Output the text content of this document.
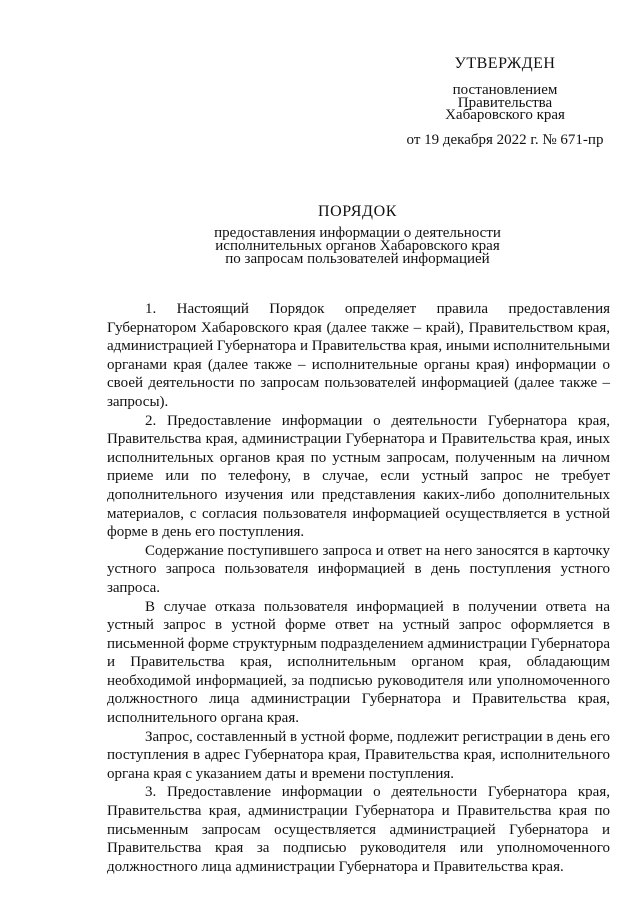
УТВЕРЖДЕН
постановлением
Правительства
Хабаровского края
от 19 декабря 2022 г. № 671-пр
ПОРЯДОК
предоставления информации о деятельности
исполнительных органов Хабаровского края
по запросам пользователей информацией

1. Настоящий Порядок определяет правила предоставления Губернатором Хабаровского края (далее также – край), Правительством края, администрацией Губернатора и Правительства края, иными исполнительными органами края (далее также – исполнительные органы края) информации о своей деятельности по запросам пользователей информацией (далее также – запросы).

2. Предоставление информации о деятельности Губернатора края, Правительства края, администрации Губернатора и Правительства края, иных исполнительных органов края по устным запросам, полученным на личном приеме или по телефону, в случае, если устный запрос не требует дополнительного изучения или представления каких-либо дополнительных материалов, с согласия пользователя информацией осуществляется в устной форме в день его поступления.

Содержание поступившего запроса и ответ на него заносятся в карточку устного запроса пользователя информацией в день поступления устного запроса.

В случае отказа пользователя информацией в получении ответа на устный запрос в устной форме ответ на устный запрос оформляется в письменной форме структурным подразделением администрации Губернатора и Правительства края, исполнительным органом края, обладающим необходимой информацией, за подписью руководителя или уполномоченного должностного лица администрации Губернатора и Правительства края, исполнительного органа края.

Запрос, составленный в устной форме, подлежит регистрации в день его поступления в адрес Губернатора края, Правительства края, исполнительного органа края с указанием даты и времени поступления.

3. Предоставление информации о деятельности Губернатора края, Правительства края, администрации Губернатора и Правительства края по письменным запросам осуществляется администрацией Губернатора и Правительства края за подписью руководителя или уполномоченного должностного лица администрации Губернатора и Правительства края.
